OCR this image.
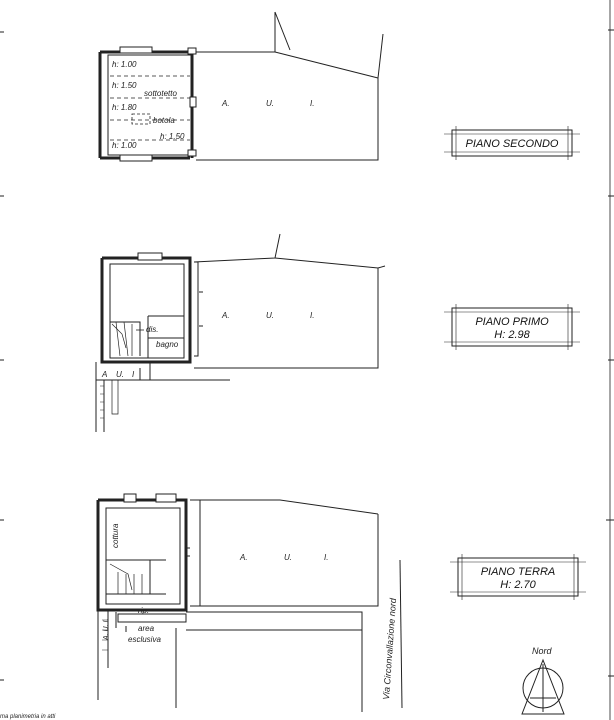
h: 1.00
h: 1.50
h: 1.80
h: 1.50
h: 1.00
sottotetto
botola
A.	U.	I.
dis.
bagno
A.	U.	I.
A U. I
cottura
rip.
area
esclusiva
A.	U.	I.
A. U. I.
PIANO SECONDO
PIANO PRIMO
H: 2.98
PIANO TERRA
H: 2.70
Via Circonvallazione nord	Nord
ma planimetria in atti
